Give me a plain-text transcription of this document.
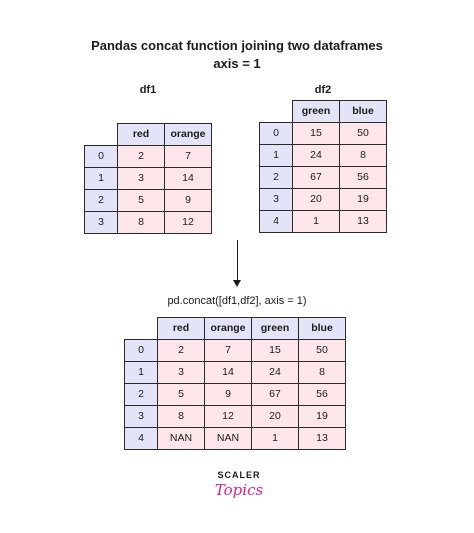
Pandas concat function joining two dataframes
axis = 1
df1	df2
red	orange
0	2	7
1	3	14
2	5	9
3	8	12
green	blue
0	15	50
1	24	8
2	67	56
3	20	19
4	1	13
pd.concat([df1,df2], axis = 1)
red	orange	green	blue
0	2	7	15	50
1	3	14	24	8
2	5	9	67	56
3	8	12	20	19
4	NAN	NAN	1	13
SCALER
Topics
